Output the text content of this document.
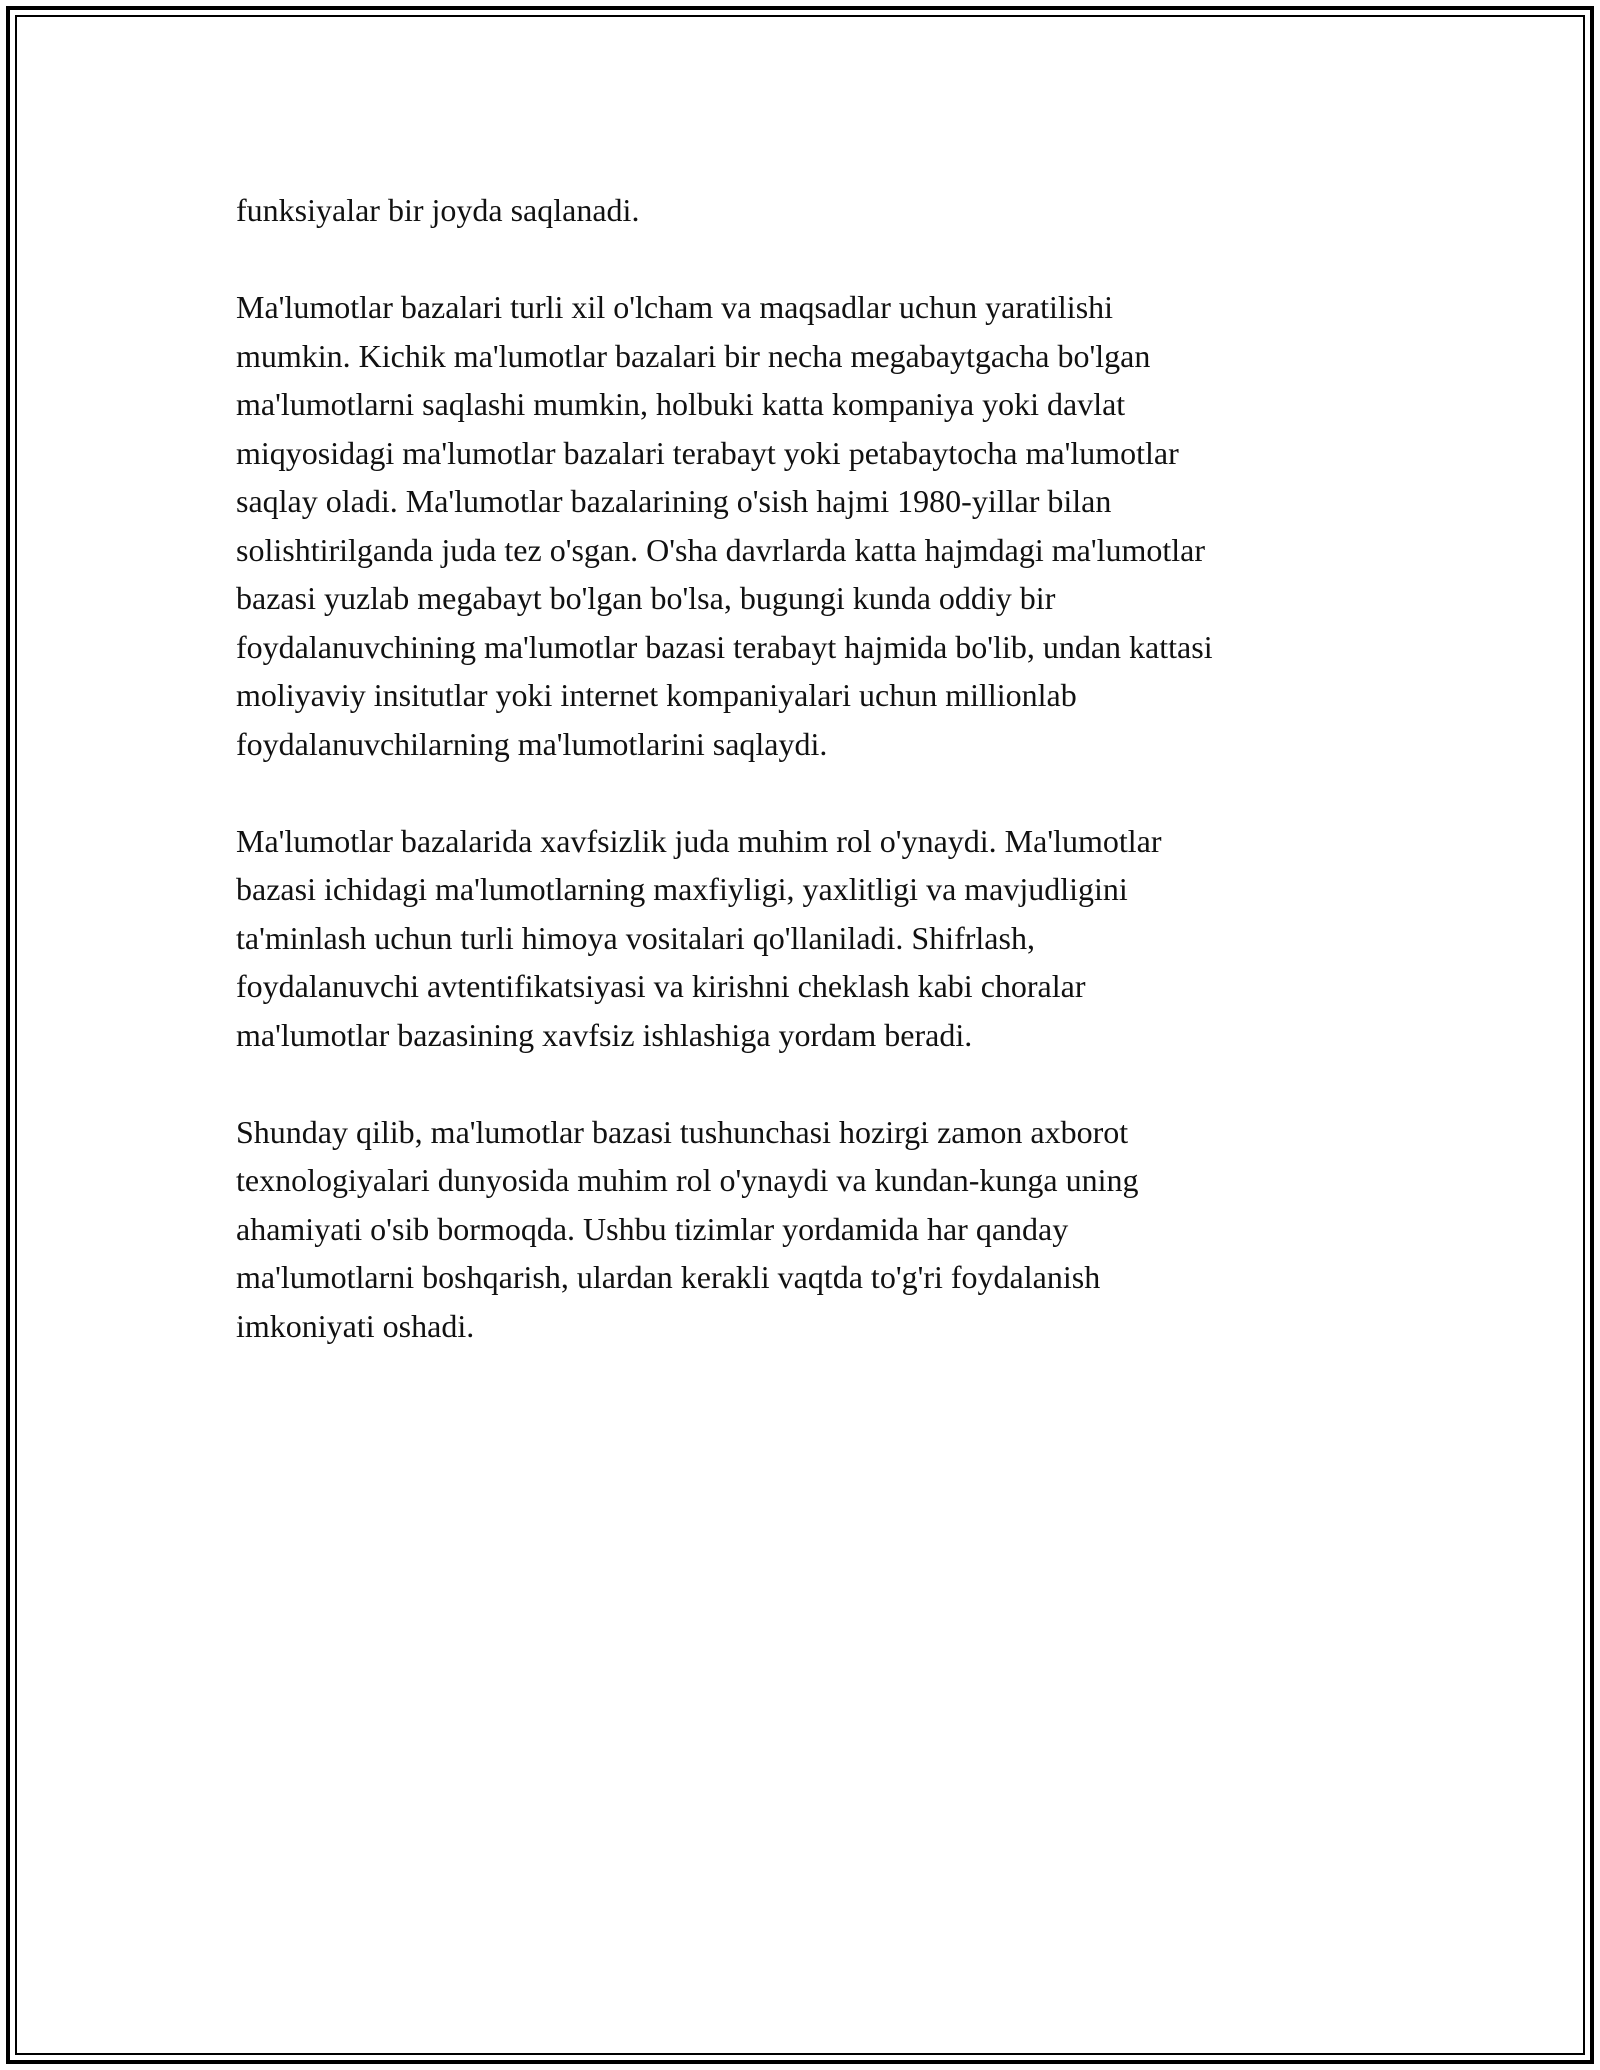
funksiyalar bir joyda saqlanadi.

Ma'lumotlar bazalari turli xil o'lcham va maqsadlar uchun yaratilishi
mumkin. Kichik ma'lumotlar bazalari bir necha megabaytgacha bo'lgan
ma'lumotlarni saqlashi mumkin, holbuki katta kompaniya yoki davlat
miqyosidagi ma'lumotlar bazalari terabayt yoki petabaytocha ma'lumotlar
saqlay oladi. Ma'lumotlar bazalarining o'sish hajmi 1980-yillar bilan
solishtirilganda juda tez o'sgan. O'sha davrlarda katta hajmdagi ma'lumotlar
bazasi yuzlab megabayt bo'lgan bo'lsa, bugungi kunda oddiy bir
foydalanuvchining ma'lumotlar bazasi terabayt hajmida bo'lib, undan kattasi
moliyaviy insitutlar yoki internet kompaniyalari uchun millionlab
foydalanuvchilarning ma'lumotlarini saqlaydi.

Ma'lumotlar bazalarida xavfsizlik juda muhim rol o'ynaydi. Ma'lumotlar
bazasi ichidagi ma'lumotlarning maxfiyligi, yaxlitligi va mavjudligini
ta'minlash uchun turli himoya vositalari qo'llaniladi. Shifrlash,
foydalanuvchi avtentifikatsiyasi va kirishni cheklash kabi choralar
ma'lumotlar bazasining xavfsiz ishlashiga yordam beradi.

Shunday qilib, ma'lumotlar bazasi tushunchasi hozirgi zamon axborot
texnologiyalari dunyosida muhim rol o'ynaydi va kundan-kunga uning
ahamiyati o'sib bormoqda. Ushbu tizimlar yordamida har qanday
ma'lumotlarni boshqarish, ulardan kerakli vaqtda to'g'ri foydalanish
imkoniyati oshadi.
